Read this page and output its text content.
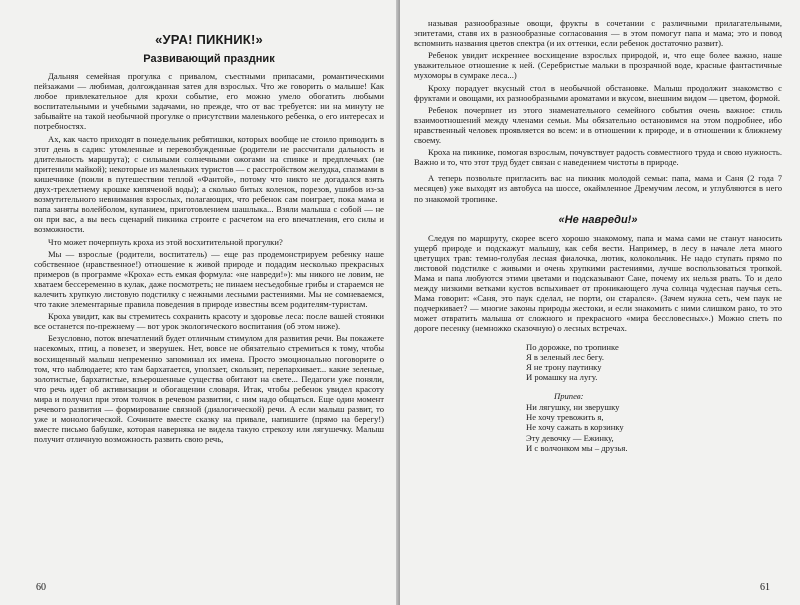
«УРА! ПИКНИК!»
Развивающий праздник

Дальняя семейная прогулка с привалом, съестными припасами, романтическими пейзажами — любимая, долгожданная затея для взрослых. Что же говорить о малыше! Как любое привлекательное для крохи событие, его можно умело обогатить любыми воспитательными и учебными задачами, но прежде, что от вас требуется: ни на минуту не забывайте на такой необычной прогулке о присутствии маленького ребенка, о его интересах и потребностях.

Ах, как часто приходят в понедельник ребятишки, которых вообще не стоило приводить в этот день в садик: утомленные и перевозбужденные (родители не рассчитали дальность и длительность маршрута); с сильными солнечными ожогами на спинке и предплечьях (не притенили майкой); некоторые из маленьких туристов — с расстройством желудка, спазмами в кишечнике (поили в путешествии теплой «Фантой», потому что никто не догадался взять двух-трехлетнему крошке кипяченой воды); а сколько битых коленок, порезов, ушибов из-за возмутительного невнимания взрослых, полагающих, что ребенок сам поиграет, пока мама и папа заняты волейболом, купанием, приготовлением шашлыка... Взяли малыша с собой — не он при вас, а вы весь сценарий пикника строите с расчетом на его впечатления, его силы и возможности.

Что может почерпнуть кроха из этой восхитительной прогулки?

Мы — взрослые (родители, воспитатель) — еще раз продемонстрируем ребенку наше собственное (нравственное!) отношение к живой природе и подадим несколько прекрасных примеров (в программе «Кроха» есть емкая формула: «не навреди!»): мы никого не ловим, не хватаем бессеременно в кулак, даже посмотреть; не пинаем несъедобные грибы и стараемся не калечить хрупкую листовую подстилку с нежными лесными растениями. Мы не сомневаемся, что такие элементарные правила поведения в природе известны всем родителям-туристам.

Кроха увидит, как вы стремитесь сохранить красоту и здоровье леса: после вашей стоянки все останется по-прежнему — вот урок экологического воспитания (об этом ниже).

Безусловно, поток впечатлений будет отличным стимулом для развития речи. Вы покажете насекомых, птиц, а повезет, и зверушек. Нет, вовсе не обязательно стремиться к тому, чтобы восхищенный малыш непременно запоминал их имена. Просто эмоционально поговорите о том, что наблюдаете; кто там бархатается, уползает, скользит, перепархивает... какие зеленые, золотистые, бархатистые, взъерошенные существа обитают на свете... Педагоги уже поняли, что речь идет об активизации и обогащении словаря. Итак, чтобы ребенок увидел красоту мира и получил при этом толчок в речевом развитии, с ним надо общаться. Еще один момент речевого развития — формирование связной (диалогической) речи. А если малыш развит, то уже и монологической. Сочините вместе сказку на привале, напишите (прямо на берегу!) вместе письмо бабушке, которая наверняка не видела такую стрекозу или лягушечку. Малыш получит отличную возможность развить свою речь,

60

называя разнообразные овощи, фрукты в сочетании с различными прилагательными, эпитетами, ставя их в разнообразные согласования — в этом помогут папа и мама; это и повод вспомнить названия цветов спектра (и их оттенки, если ребенок достаточно развит).

Ребенок увидит искреннее восхищение взрослых природой, и, что еще более важно, наше уважительное отношение к ней. (Серебристые мальки в прозрачной воде, красные фантастичные мухоморы в сумраке леса...)

Кроху порадует вкусный стол в необычной обстановке. Малыш продолжит знакомство с фруктами и овощами, их разнообразными ароматами и вкусом, внешним видом — цветом, формой.

Ребенок почерпнет из этого знаменательного семейного события очень важное: стиль взаимоотношений между членами семьи. Мы обязательно остановимся на этом подробнее, ибо нравственный человек проявляется во всем: и в отношении к природе, и в отношении к ближнему своему.

Кроха на пикнике, помогая взрослым, почувствует радость совместного труда и свою нужность. Важно и то, что этот труд будет связан с наведением чистоты в природе.

А теперь позвольте пригласить вас на пикник молодой семьи: папа, мама и Саня (2 года 7 месяцев) уже выходят из автобуса на шоссе, окаймленное Дремучим лесом, и углубляются в него по знакомой тропинке.

«Не навреди!»

Следуя по маршруту, скорее всего хорошо знакомому, папа и мама сами не станут наносить ущерб природе и подскажут малышу, как себя вести. Например, в лесу в начале лета много цветущих трав: темно-голубая лесная фиалочка, лютик, колокольчик. Не надо ступать прямо по листовой подстилке с живыми и очень хрупкими растениями, лучше воспользоваться тропкой. Мама и папа любуются этими цветами и подсказывают Сане, почему их нельзя рвать. То и дело между низкими ветками кустов вспыхивает от проникающего луча солнца чудесная паучья сеть. Мама говорит: «Саня, это паук сделал, не порти, он старался». (Зачем нужна сеть, чем паук не подчеркивает? — многие законы природы жестоки, и если знакомить с ними слишком рано, то это может отвратить малыша от сложного и прекрасного «мира бессловесных».) Можно спеть по дороге песенку (немножко сказочную) о лесных встречах.

По дорожке, по тропинке
Я в зеленый лес бегу.
Я не трону паутинку
И ромашку на лугу.
Припев:
Ни лягушку, ни зверушку
Не хочу тревожить я,
Не хочу сажать в корзинку
Эту девочку — Ежинку,
И с волчонком мы – друзья.
61
